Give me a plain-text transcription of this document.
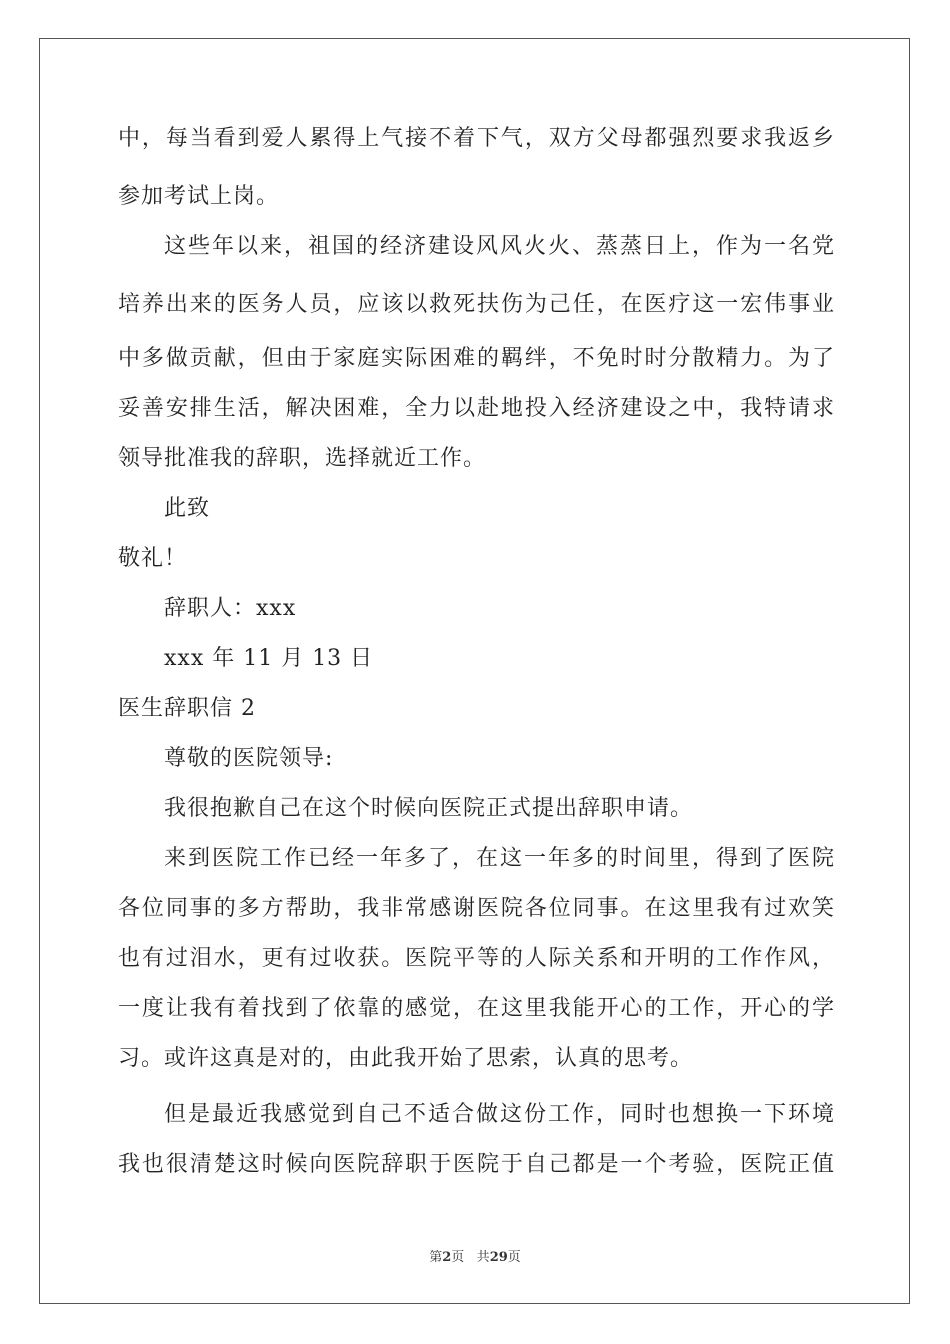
中，每当看到爱人累得上气接不着下气，双方父母都强烈要求我返乡
参加考试上岗。
这些年以来，祖国的经济建设风风火火、蒸蒸日上，作为一名党
培养出来的医务人员，应该以救死扶伤为己任，在医疗这一宏伟事业
中多做贡献，但由于家庭实际困难的羁绊，不免时时分散精力。为了
妥善安排生活，解决困难，全力以赴地投入经济建设之中，我特请求
领导批准我的辞职，选择就近工作。
此致
敬礼！
辞职人：xxx
xxx 年 11 月 13 日
医生辞职信 2
尊敬的医院领导:
我很抱歉自己在这个时候向医院正式提出辞职申请。
来到医院工作已经一年多了，在这一年多的时间里，得到了医院
各位同事的多方帮助，我非常感谢医院各位同事。在这里我有过欢笑
也有过泪水，更有过收获。医院平等的人际关系和开明的工作作风，
一度让我有着找到了依靠的感觉，在这里我能开心的工作，开心的学
习。或许这真是对的，由此我开始了思索，认真的思考。
但是最近我感觉到自己不适合做这份工作，同时也想换一下环境
我也很清楚这时候向医院辞职于医院于自己都是一个考验，医院正值
第2页 共29页
